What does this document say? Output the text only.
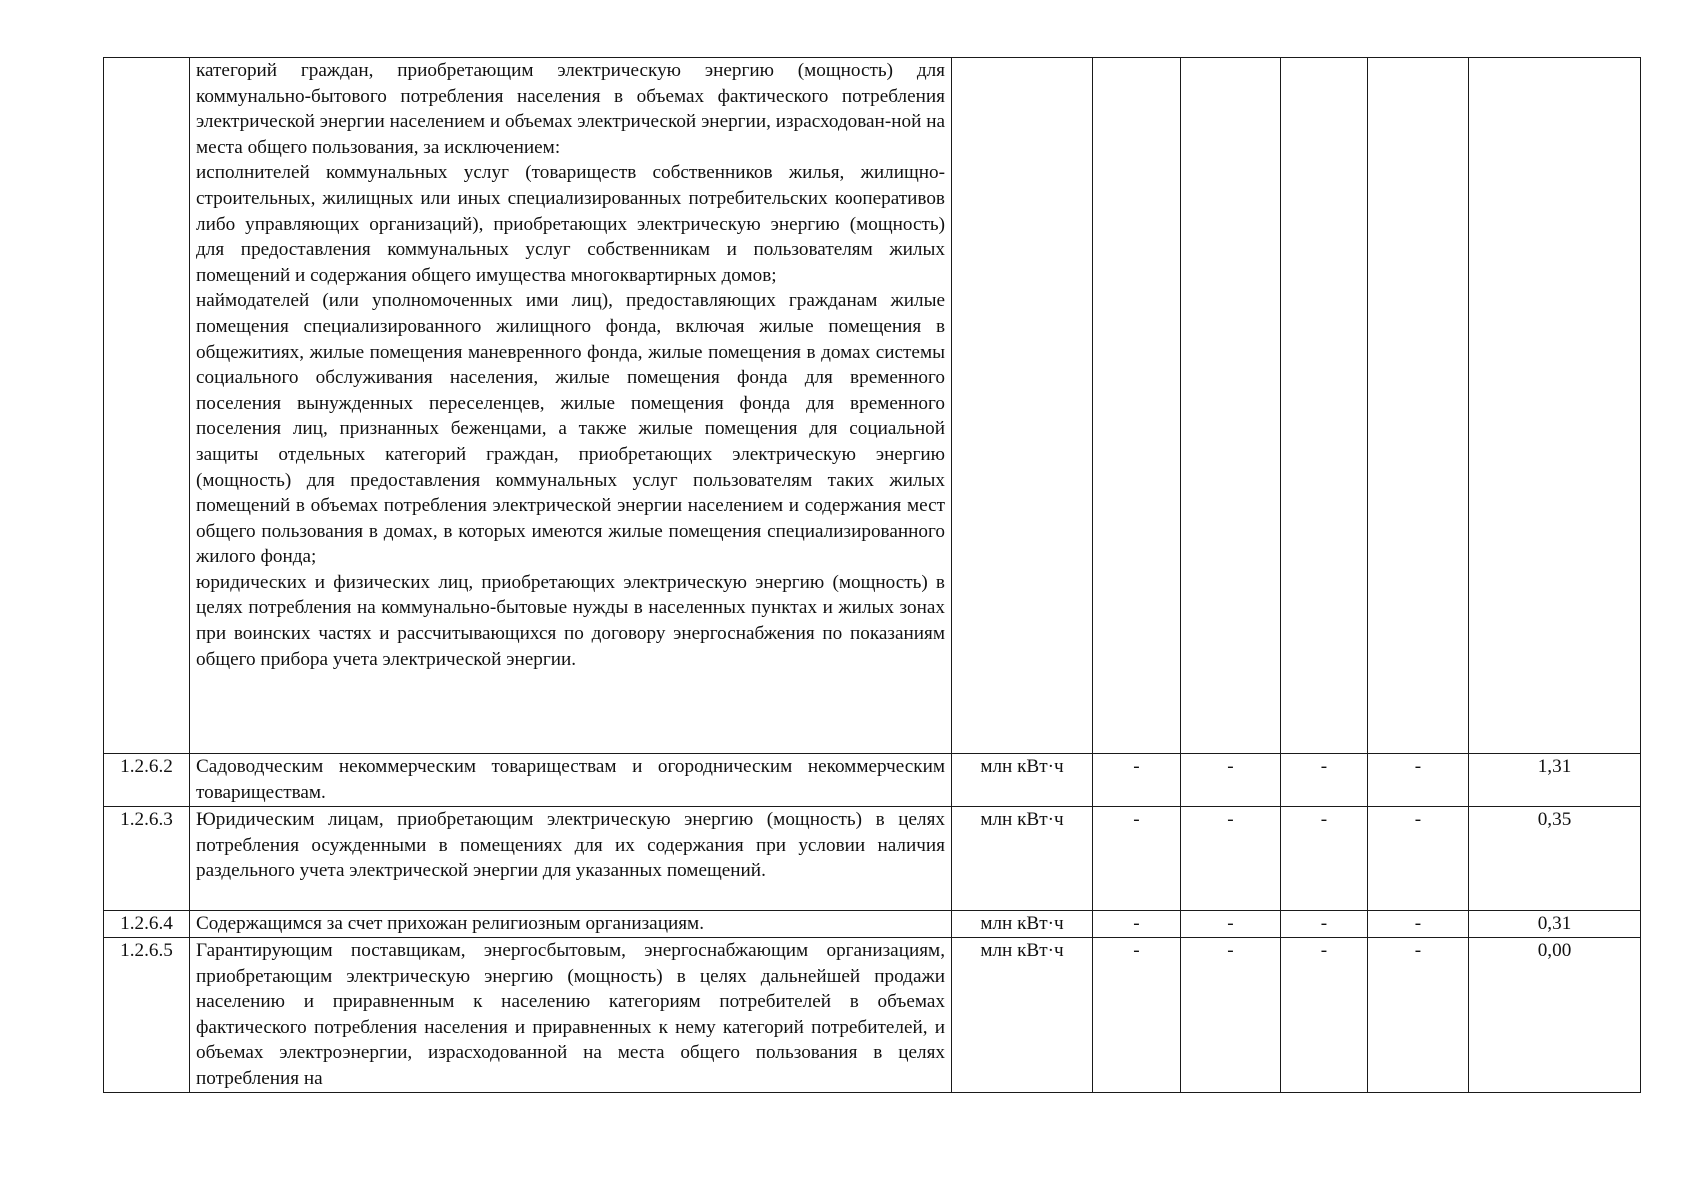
	категорий граждан, приобретающим электрическую энергию (мощность) для коммунально-бытового потребления населения в объемах фактического потребления электрической энергии населением и объемах электрической энергии, израсходован-ной на места общего пользования, за исключением:

исполнителей коммунальных услуг (товариществ собственников жилья, жилищно-строительных, жилищных или иных специализированных потребительских кооперативов либо управляющих организаций), приобретающих электрическую энергию (мощность) для предоставления коммунальных услуг собственникам и пользователям жилых помещений и содержания общего имущества многоквартирных домов;

наймодателей (или уполномоченных ими лиц), предоставляющих гражданам жилые помещения специализированного жилищного фонда, включая жилые помещения в общежитиях, жилые помещения маневренного фонда, жилые помещения в домах системы социального обслуживания населения, жилые помещения фонда для временного поселения вынужденных переселенцев, жилые помещения фонда для временного поселения лиц, признанных беженцами, а также жилые помещения для социальной защиты отдельных категорий граждан, приобретающих электрическую энергию (мощность) для предоставления коммунальных услуг пользователям таких жилых помещений в объемах потребления электрической энергии населением и содержания мест общего пользования в домах, в которых имеются жилые помещения специализированного жилого фонда;

юридических и физических лиц, приобретающих электрическую энергию (мощность) в целях потребления на коммунально-бытовые нужды в населенных пунктах и жилых зонах при воинских частях и рассчитывающихся по договору энергоснабжения по показаниям общего прибора учета электрической энергии.						

1.2.6.2	Садоводческим некоммерческим товариществам и огородническим некоммерческим товариществам.	млн кВт·ч	-	-	-	-	1,31
1.2.6.3	Юридическим лицам, приобретающим электрическую энергию (мощность) в целях потребления осужденными в помещениях для их содержания при условии наличия раздельного учета электрической энергии для указанных помещений.	млн кВт·ч	-	-	-	-	0,35
1.2.6.4	Содержащимся за счет прихожан религиозным организациям.	млн кВт·ч	-	-	-	-	0,31
1.2.6.5	Гарантирующим поставщикам, энергосбытовым, энергоснабжающим организациям, приобретающим электрическую энергию (мощность) в целях дальнейшей продажи населению и приравненным к населению категориям потребителей в объемах фактического потребления населения и приравненных к нему категорий потребителей, и объемах электроэнергии, израсходованной на места общего пользования в целях потребления на	млн кВт·ч	-	-	-	-	0,00
